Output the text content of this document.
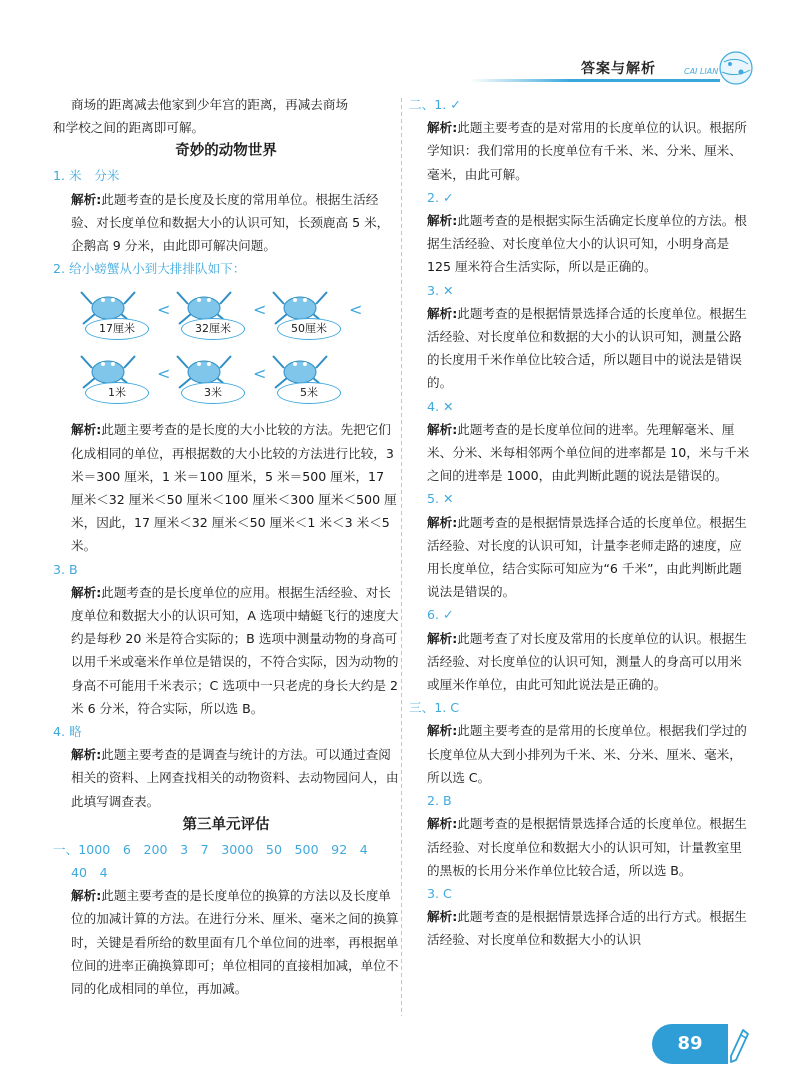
答案与解析	CAI LIAN

商场的距离减去他家到少年宫的距离，再减去商场

和学校之间的距离即可解。

奇妙的动物世界

1. 米　分米

解析:此题考查的是长度及长度的常用单位。根据生活经验、对长度单位和数据大小的认识可知，长颈鹿高 5 米，企鹅高 9 分米，由此即可解决问题。

2. 给小螃蟹从小到大排排队如下：

17厘米
<
32厘米
<
50厘米
<
1米
<
3米
<
5米

解析:此题主要考查的是长度的大小比较的方法。先把它们化成相同的单位，再根据数的大小比较的方法进行比较，3 米＝300 厘米，1 米＝100 厘米，5 米＝500 厘米，17 厘米＜32 厘米＜50 厘米＜100 厘米＜300 厘米＜500 厘米，因此，17 厘米＜32 厘米＜50 厘米＜1 米＜3 米＜5 米。

3. B

解析:此题考查的是长度单位的应用。根据生活经验、对长度单位和数据大小的认识可知，A 选项中蜻蜓飞行的速度大约是每秒 20 米是符合实际的；B 选项中测量动物的身高可以用千米或毫米作单位是错误的，不符合实际，因为动物的身高不可能用千米表示；C 选项中一只老虎的身长大约是 2 米 6 分米，符合实际，所以选 B。

4. 略

解析:此题主要考查的是调查与统计的方法。可以通过查阅相关的资料、上网查找相关的动物资料、去动物园问人，由此填写调查表。

第三单元评估

一、1000　6　200　3　7　3000　50　500　92　4

40　4

解析:此题主要考查的是长度单位的换算的方法以及长度单位的加减计算的方法。在进行分米、厘米、毫米之间的换算时，关键是看所给的数里面有几个单位间的进率，再根据单位间的进率正确换算即可；单位相同的直接相加减，单位不同的化成相同的单位，再加减。

二、1. ✓

解析:此题主要考查的是对常用的长度单位的认识。根据所学知识：我们常用的长度单位有千米、米、分米、厘米、毫米，由此可解。

2. ✓

解析:此题考查的是根据实际生活确定长度单位的方法。根据生活经验、对长度单位大小的认识可知，小明身高是 125 厘米符合生活实际，所以是正确的。

3. ✕

解析:此题考查的是根据情景选择合适的长度单位。根据生活经验、对长度单位和数据的大小的认识可知，测量公路的长度用千米作单位比较合适，所以题目中的说法是错误的。

4. ✕

解析:此题考查的是长度单位间的进率。先理解毫米、厘米、分米、米每相邻两个单位间的进率都是 10，米与千米之间的进率是 1000，由此判断此题的说法是错误的。

5. ✕

解析:此题考查的是根据情景选择合适的长度单位。根据生活经验、对长度的认识可知，计量李老师走路的速度，应用长度单位，结合实际可知应为“6 千米”，由此判断此题说法是错误的。

6. ✓

解析:此题考查了对长度及常用的长度单位的认识。根据生活经验、对长度单位的认识可知，测量人的身高可以用米或厘米作单位，由此可知此说法是正确的。

三、1. C

解析:此题主要考查的是常用的长度单位。根据我们学过的长度单位从大到小排列为千米、米、分米、厘米、毫米，所以选 C。

2. B

解析:此题考查的是根据情景选择合适的长度单位。根据生活经验、对长度单位和数据大小的认识可知，计量教室里的黑板的长用分米作单位比较合适，所以选 B。

3. C

解析:此题考查的是根据情景选择合适的出行方式。根据生活经验、对长度单位和数据大小的认识

89
